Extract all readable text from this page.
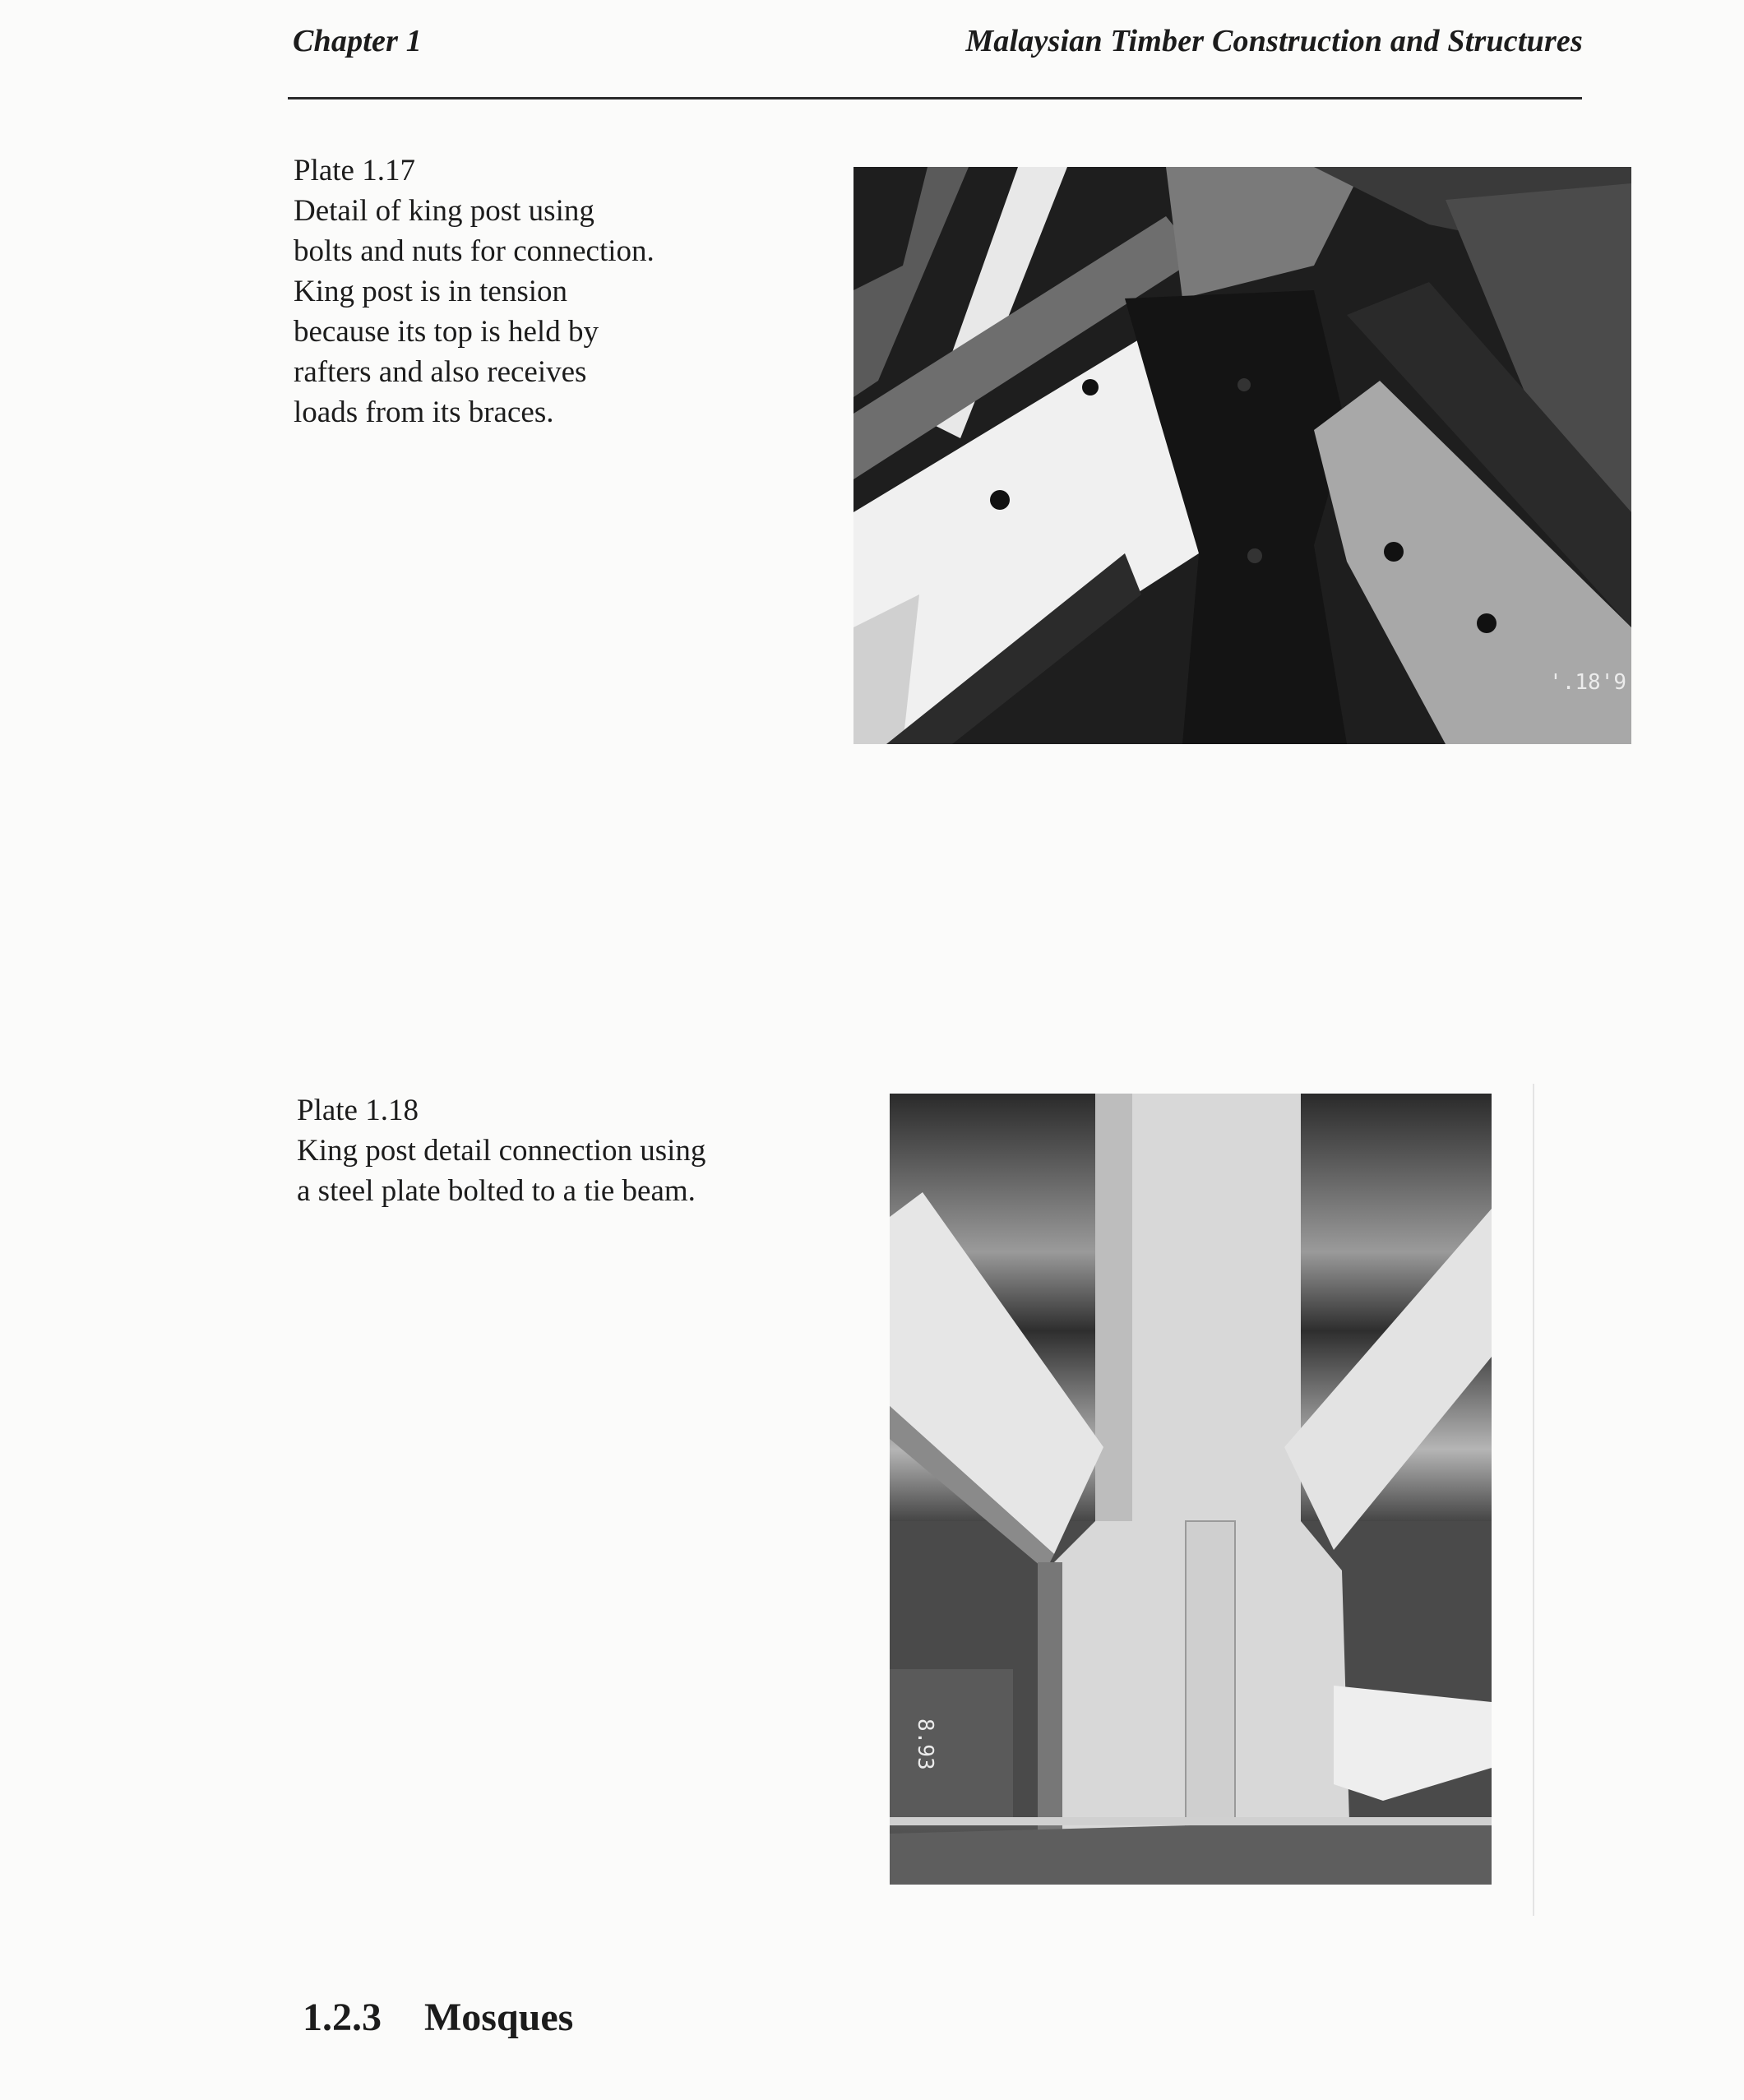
Chapter 1	Malaysian Timber Construction and Structures
Plate 1.17
Detail of king post using
bolts and nuts for connection.
King post is in tension
because its top is held by
rafters and also receives
loads from its braces.
'.18'9
Plate 1.18
King post detail connection using
a steel plate bolted to a tie beam.
8.93
1.2.3 Mosques
